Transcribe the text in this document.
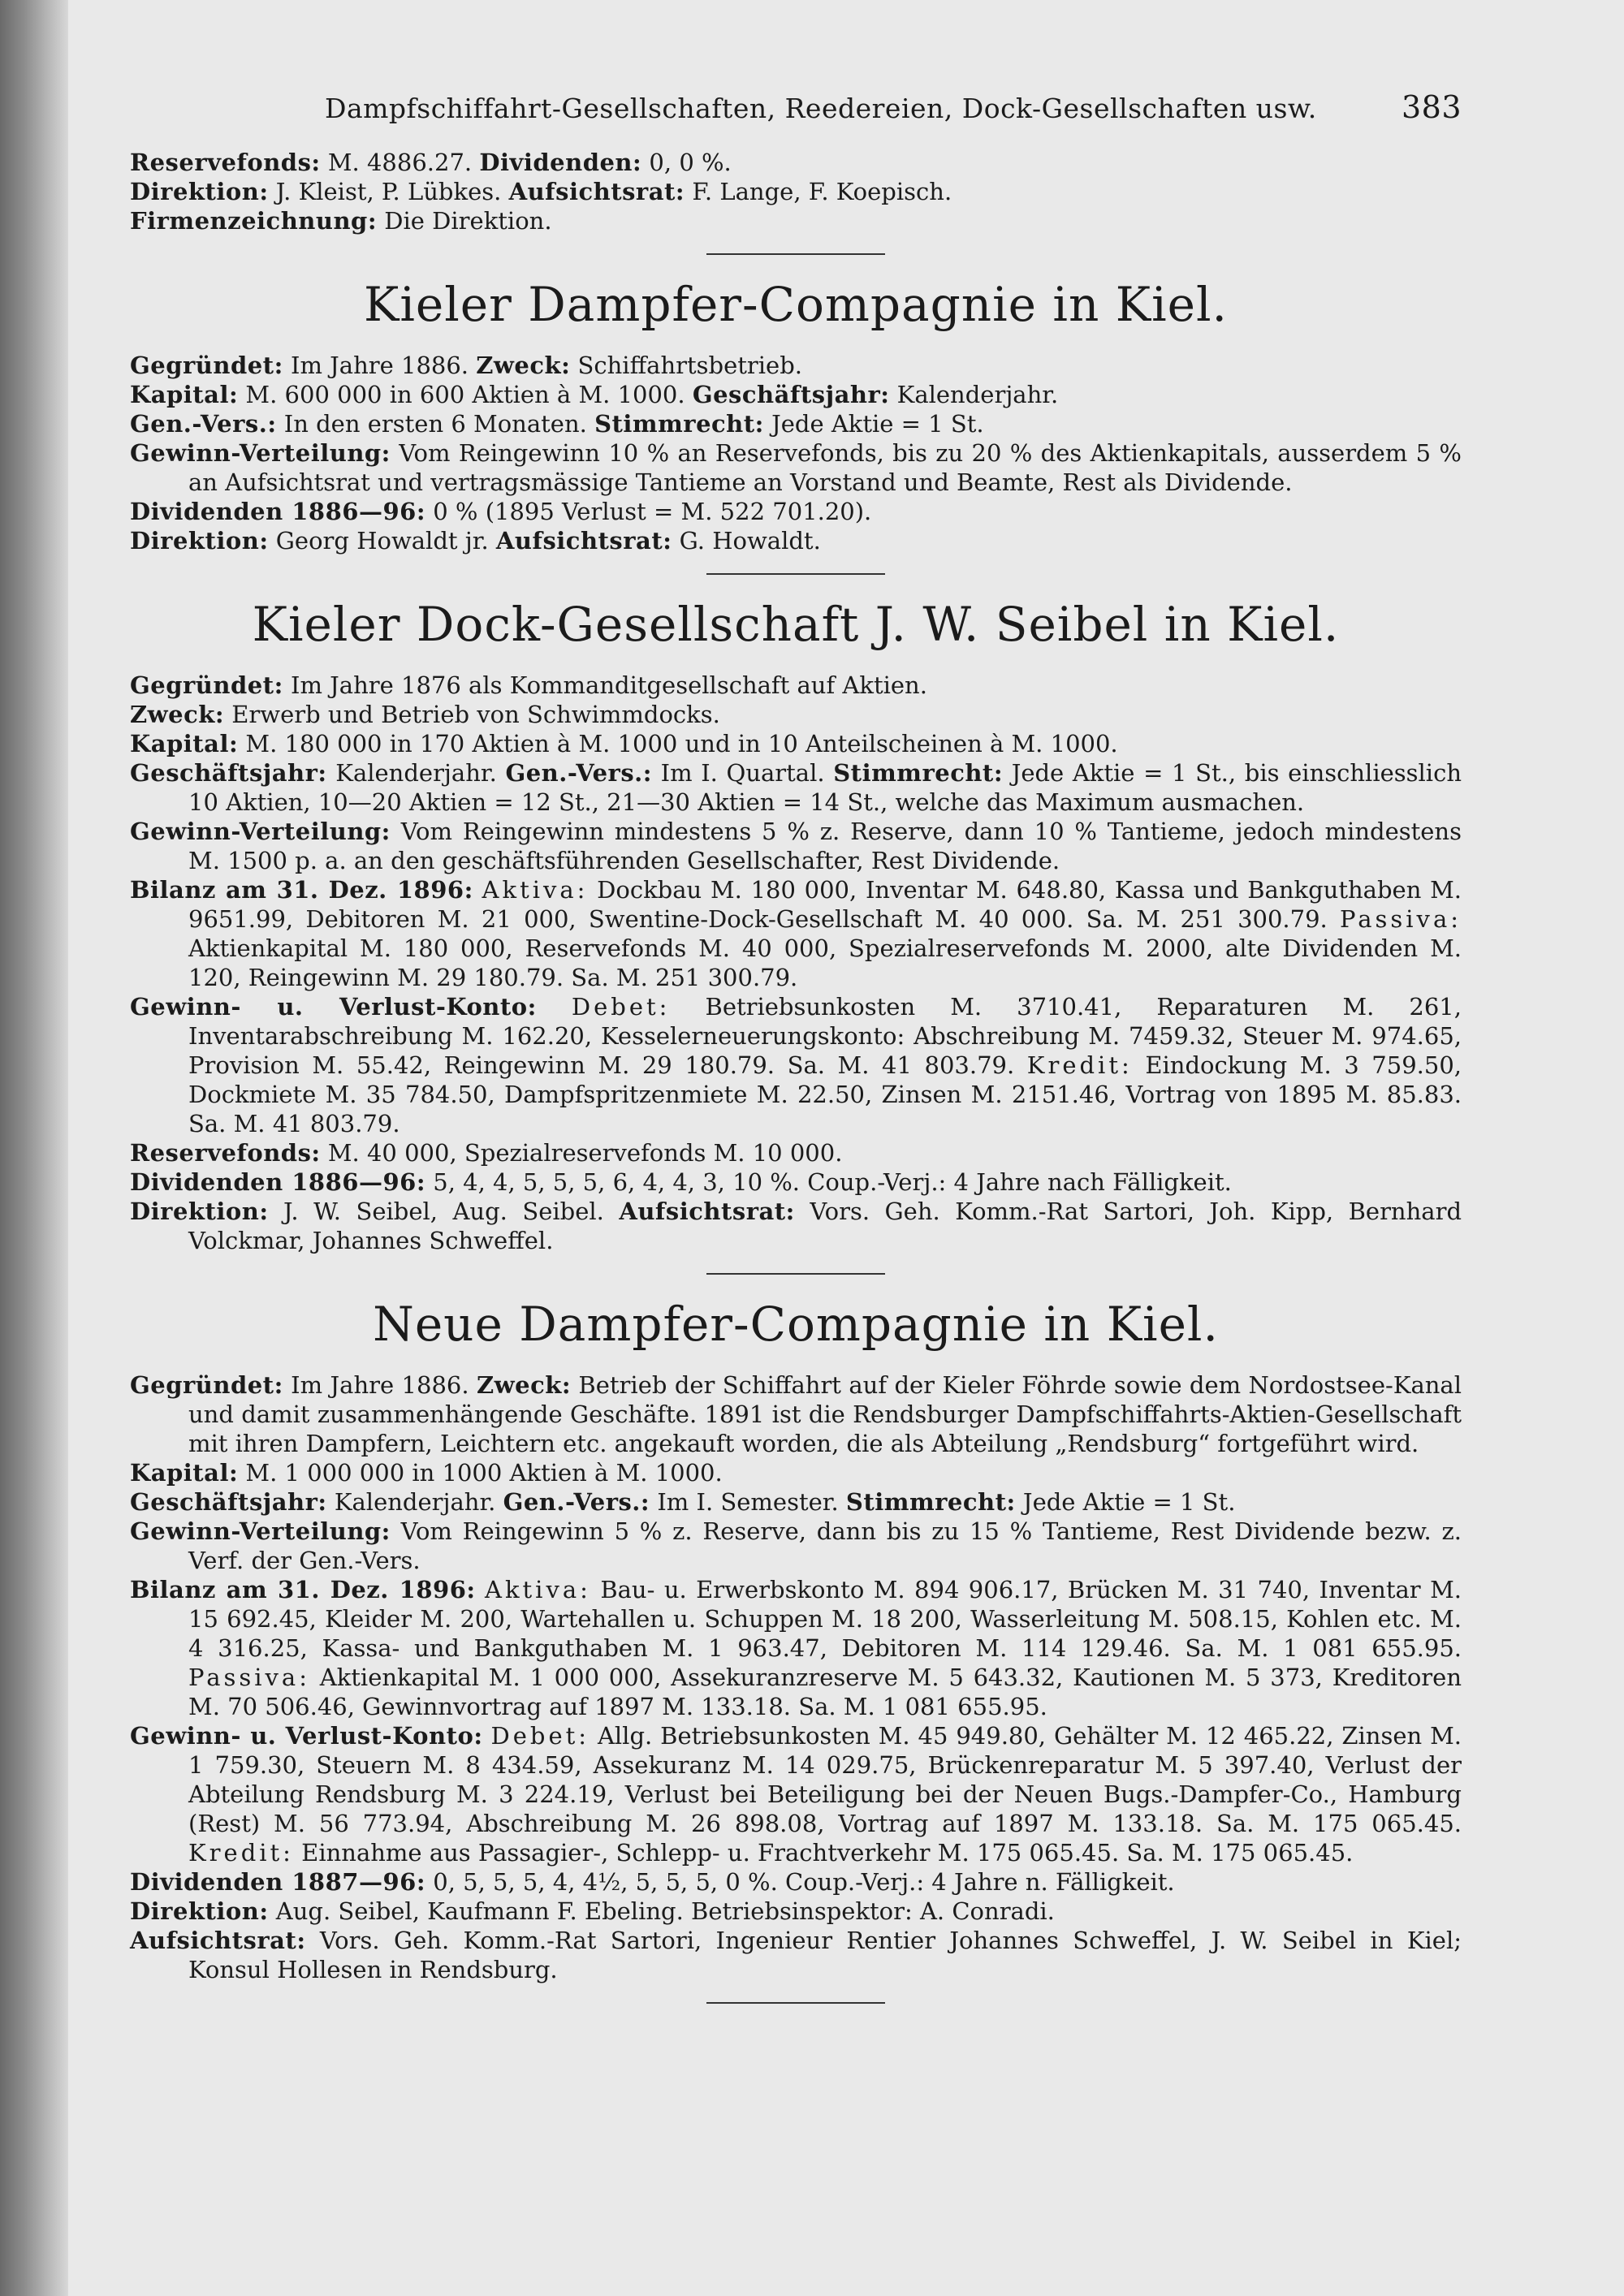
Dampfschiffahrt-Gesellschaften, Reedereien, Dock-Gesellschaften usw.	383

Reservefonds: M. 4886.27. Dividenden: 0, 0 %.

Direktion: J. Kleist, P. Lübkes. Aufsichtsrat: F. Lange, F. Koepisch.

Firmenzeichnung: Die Direktion.

Kieler Dampfer-Compagnie in Kiel.

Gegründet: Im Jahre 1886. Zweck: Schiffahrtsbetrieb.

Kapital: M. 600 000 in 600 Aktien à M. 1000. Geschäftsjahr: Kalenderjahr.

Gen.-Vers.: In den ersten 6 Monaten. Stimmrecht: Jede Aktie = 1 St.

Gewinn-Verteilung: Vom Reingewinn 10 % an Reservefonds, bis zu 20 % des Aktienkapitals, ausserdem 5 % an Aufsichtsrat und vertragsmässige Tantieme an Vorstand und Beamte, Rest als Dividende.

Dividenden 1886—96: 0 % (1895 Verlust = M. 522 701.20).

Direktion: Georg Howaldt jr. Aufsichtsrat: G. Howaldt.

Kieler Dock-Gesellschaft J. W. Seibel in Kiel.

Gegründet: Im Jahre 1876 als Kommanditgesellschaft auf Aktien.

Zweck: Erwerb und Betrieb von Schwimmdocks.

Kapital: M. 180 000 in 170 Aktien à M. 1000 und in 10 Anteilscheinen à M. 1000.

Geschäftsjahr: Kalenderjahr. Gen.-Vers.: Im I. Quartal. Stimmrecht: Jede Aktie = 1 St., bis einschliesslich 10 Aktien, 10—20 Aktien = 12 St., 21—30 Aktien = 14 St., welche das Maximum ausmachen.

Gewinn-Verteilung: Vom Reingewinn mindestens 5 % z. Reserve, dann 10 % Tantieme, jedoch mindestens M. 1500 p. a. an den geschäftsführenden Gesellschafter, Rest Dividende.

Bilanz am 31. Dez. 1896: Aktiva: Dockbau M. 180 000, Inventar M. 648.80, Kassa und Bankguthaben M. 9651.99, Debitoren M. 21 000, Swentine-Dock-Gesellschaft M. 40 000. Sa. M. 251 300.79. Passiva: Aktienkapital M. 180 000, Reservefonds M. 40 000, Spezialreservefonds M. 2000, alte Dividenden M. 120, Reingewinn M. 29 180.79. Sa. M. 251 300.79.

Gewinn- u. Verlust-Konto: Debet: Betriebsunkosten M. 3710.41, Reparaturen M. 261, Inventarabschreibung M. 162.20, Kesselerneuerungskonto: Abschreibung M. 7459.32, Steuer M. 974.65, Provision M. 55.42, Reingewinn M. 29 180.79. Sa. M. 41 803.79. Kredit: Eindockung M. 3 759.50, Dockmiete M. 35 784.50, Dampfspritzenmiete M. 22.50, Zinsen M. 2151.46, Vortrag von 1895 M. 85.83. Sa. M. 41 803.79.

Reservefonds: M. 40 000, Spezialreservefonds M. 10 000.

Dividenden 1886—96: 5, 4, 4, 5, 5, 5, 6, 4, 4, 3, 10 %. Coup.-Verj.: 4 Jahre nach Fälligkeit.

Direktion: J. W. Seibel, Aug. Seibel. Aufsichtsrat: Vors. Geh. Komm.-Rat Sartori, Joh. Kipp, Bernhard Volckmar, Johannes Schweffel.

Neue Dampfer-Compagnie in Kiel.

Gegründet: Im Jahre 1886. Zweck: Betrieb der Schiffahrt auf der Kieler Föhrde sowie dem Nordostsee-Kanal und damit zusammenhängende Geschäfte. 1891 ist die Rendsburger Dampfschiffahrts-Aktien-Gesellschaft mit ihren Dampfern, Leichtern etc. angekauft worden, die als Abteilung „Rendsburg“ fortgeführt wird.

Kapital: M. 1 000 000 in 1000 Aktien à M. 1000.

Geschäftsjahr: Kalenderjahr. Gen.-Vers.: Im I. Semester. Stimmrecht: Jede Aktie = 1 St.

Gewinn-Verteilung: Vom Reingewinn 5 % z. Reserve, dann bis zu 15 % Tantieme, Rest Dividende bezw. z. Verf. der Gen.-Vers.

Bilanz am 31. Dez. 1896: Aktiva: Bau- u. Erwerbskonto M. 894 906.17, Brücken M. 31 740, Inventar M. 15 692.45, Kleider M. 200, Wartehallen u. Schuppen M. 18 200, Wasserleitung M. 508.15, Kohlen etc. M. 4 316.25, Kassa- und Bankguthaben M. 1 963.47, Debitoren M. 114 129.46. Sa. M. 1 081 655.95. Passiva: Aktienkapital M. 1 000 000, Assekuranzreserve M. 5 643.32, Kautionen M. 5 373, Kreditoren M. 70 506.46, Gewinnvortrag auf 1897 M. 133.18. Sa. M. 1 081 655.95.

Gewinn- u. Verlust-Konto: Debet: Allg. Betriebsunkosten M. 45 949.80, Gehälter M. 12 465.22, Zinsen M. 1 759.30, Steuern M. 8 434.59, Assekuranz M. 14 029.75, Brückenreparatur M. 5 397.40, Verlust der Abteilung Rendsburg M. 3 224.19, Verlust bei Beteiligung bei der Neuen Bugs.-Dampfer-Co., Hamburg (Rest) M. 56 773.94, Abschreibung M. 26 898.08, Vortrag auf 1897 M. 133.18. Sa. M. 175 065.45. Kredit: Einnahme aus Passagier-, Schlepp- u. Frachtverkehr M. 175 065.45. Sa. M. 175 065.45.

Dividenden 1887—96: 0, 5, 5, 5, 4, 4½, 5, 5, 5, 0 %. Coup.-Verj.: 4 Jahre n. Fälligkeit.

Direktion: Aug. Seibel, Kaufmann F. Ebeling. Betriebsinspektor: A. Conradi.

Aufsichtsrat: Vors. Geh. Komm.-Rat Sartori, Ingenieur Rentier Johannes Schweffel, J. W. Seibel in Kiel; Konsul Hollesen in Rendsburg.
